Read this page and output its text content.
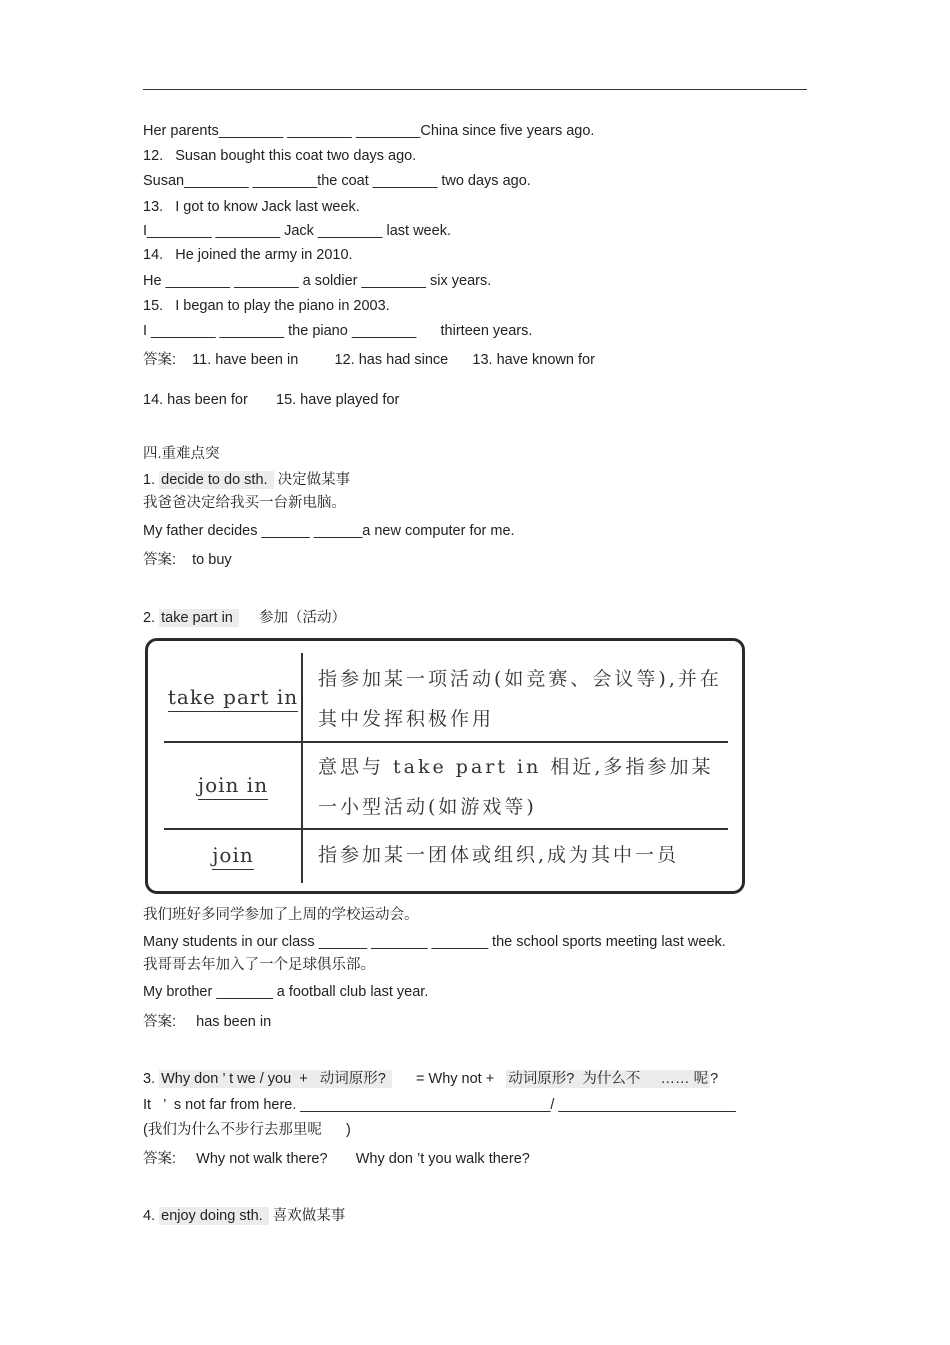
Her parents________ ________ ________China since five years ago.
12.   Susan bought this coat two days ago.
Susan________ ________the coat ________ two days ago.
13.   I got to know Jack last week.
I________ ________ Jack ________ last week.
14.   He joined the army in 2010.
He ________ ________ a soldier ________ six years.
15.   I began to play the piano in 2003.
I ________ ________ the piano ________      thirteen years.
答案:    11. have been in         12. has had since      13. have known for
14. has been for       15. have played for
四.重难点突
1. decide to do sth.  决定做某事
我爸爸决定给我买一台新电脑。
My father decides ______ ______a new computer for me.
答案:    to buy
2. take part in      参加（活动）
take part in
指参加某一项活动(如竞赛、会议等),并在其中发挥积极作用
join in
意思与 take part in 相近,多指参加某一小型活动(如游戏等)
join	指参加某一团体或组织,成为其中一员
我们班好多同学参加了上周的学校运动会。
Many students in our class ______ _______ _______ the school sports meeting last week.
我哥哥去年加入了一个足球俱乐部。
My brother _______ a football club last year.
答案:     has been in
3. Why don ’ t we / you  +   动词原形?       = Why not +   动词原形?  为什么不     …… 呢 ?
It   ’  s not far from here. _______________________________/ ______________________
(我们为什么不步行去那里呢      )
答案:     Why not walk there?       Why don ’t you walk there?
4. enjoy doing sth.  喜欢做某事
